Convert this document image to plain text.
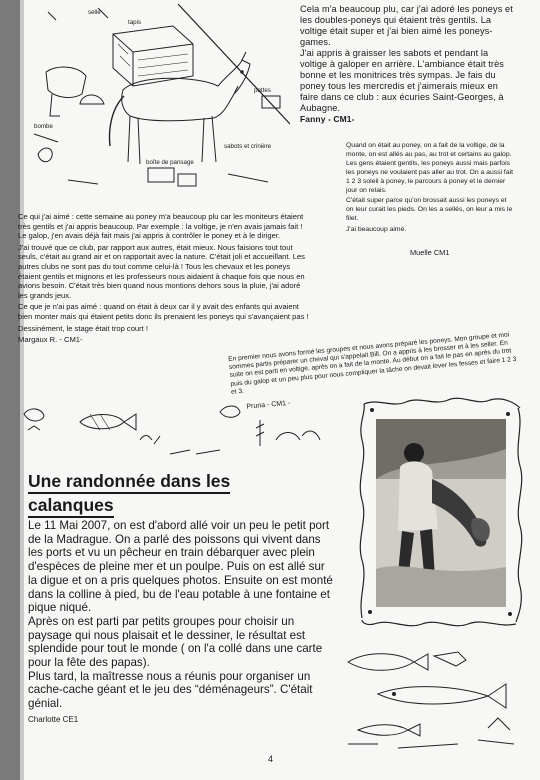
selle
bombe
sabots et crinière
tapis
boîte de pansage
pattes

Cela m'a beaucoup plu, car j'ai adoré les poneys et les doubles-poneys qui étaient très gentils. La voltige était super et j'ai bien aimé les poneys-games.

J'ai appris à graisser les sabots et pendant la voltige à galoper en arrière. L'ambiance était très bonne et les monitrices très sympas. Je fais du poney tous les mercredis et j'aimerais mieux en faire dans ce club : aux écuries Saint-Georges, à Aubagne.

Fanny - CM1-

Ce qui j'ai aimé : cette semaine au poney m'a beaucoup plu car les moniteurs étaient très gentils et j'ai appris beaucoup. Par exemple : la voltige, je n'en avais jamais fait ! Le galop, j'en avais déjà fait mais j'ai appris à contrôler le poney et à le diriger.

J'ai trouvé que ce club, par rapport aux autres, était mieux. Nous faisions tout tout seuls, c'était au grand air et on rapportait avec la nature. C'était joli et accueillant. Les autres clubs ne sont pas du tout comme celui-là ! Tous les chevaux et les poneys étaient gentils et mignons et les professeurs nous aidaient à chaque fois que nous en avions besoin. C'était très bien quand nous montions dehors sous la pluie, j'ai adoré les grands jeux.

Ce que je n'ai pas aimé : quand on était à deux car il y avait des enfants qui avaient bien monter mais qui étaient petits donc ils prenaient les poneys qui s'avançaient pas !

Dessinément, le stage était trop court !

Margaux R. - CM1-

Quand on était au poney, on a fait de la voltige, de la monte, on est allés au pas, au trot et certains au galop. Les gens étaient gentils, les poneys aussi mais parfois les poneys ne voulaient pas aller au trot. On a aussi fait 1 2 3 soleil à poney, le parcours à poney et le dernier jour on relais.

C'était super parce qu'on brossait aussi les poneys et on leur curait les pieds. On les a sellés, on leur a mis le filet.

J'ai beaucoup aimé.

Muelle CM1

En premier nous avons formé les groupes et nous avons préparé les poneys. Mon groupe et moi sommes partis préparer un cheval qui s'appelait Bill. On a appris à les brosser et à les seller. En suite on est parti en voltige, après on a fait de la monte. Au début on a fait le pas en après du trot puis du galop et un peu plus pour nous compliquer la tâche on devait lever les fesses et faire 1 2 3 et 3.

Pruna - CM1 -
Une randonnée dans les
calanques

Le 11 Mai 2007, on est d'abord allé voir un peu le petit port de la Madrague. On a parlé des poissons qui vivent dans les ports et vu un pêcheur en train débarquer avec plein d'espèces de pleine mer et un poulpe. Puis on est allé sur la digue et on a pris quelques photos. Ensuite on est monté dans la colline à pied, bu de l'eau potable à une fontaine et pique niqué.

Après on est parti par petits groupes pour choisir un paysage qui nous plaisait et le dessiner, le résultat est splendide pour tout le monde ( on l'a collé dans une carte pour la fête des papas).

Plus tard, la maîtresse nous a réunis pour organiser un cache-cache géant et le jeu des “déménageurs”. C'était génial.

Charlotte CE1
4
